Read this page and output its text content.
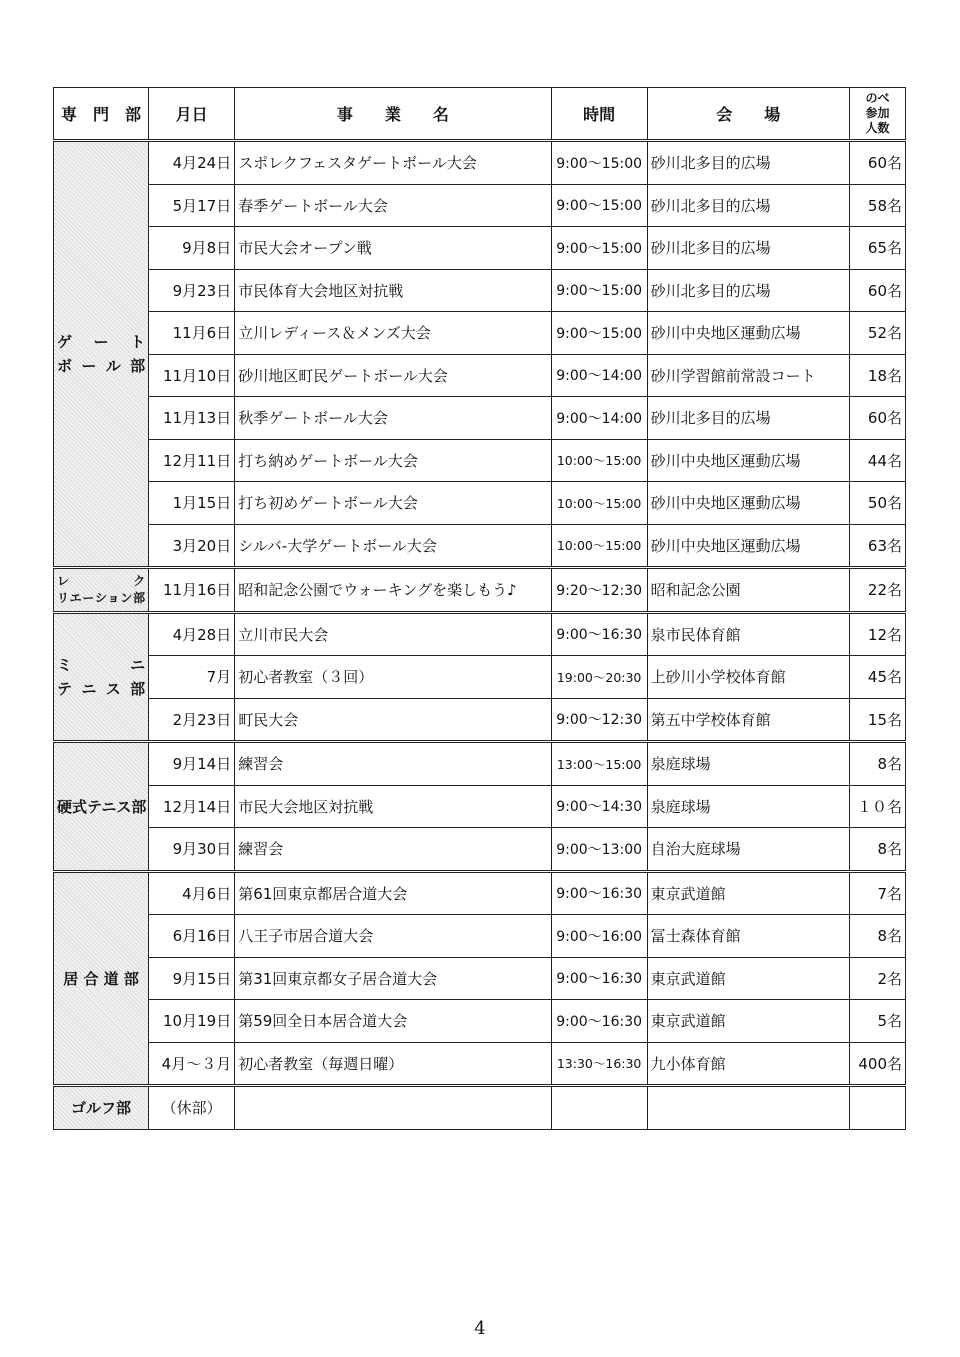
専　門　部	月日	事　　業　　名	時間	会　　場	のべ
参加
人数

ゲ　ー　ト
ボ ー ル 部	4月24日	スポレクフェスタゲートボール大会	9:00～15:00	砂川北多目的広場	60名
	5月17日	春季ゲートボール大会	9:00～15:00	砂川北多目的広場	58名
	9月8日	市民大会オープン戦	9:00～15:00	砂川北多目的広場	65名
	9月23日	市民体育大会地区対抗戦	9:00～15:00	砂川北多目的広場	60名
	11月6日	立川レディース＆メンズ大会	9:00～15:00	砂川中央地区運動広場	52名
	11月10日	砂川地区町民ゲートボール大会	9:00～14:00	砂川学習館前常設コート	18名
	11月13日	秋季ゲートボール大会	9:00～14:00	砂川北多目的広場	60名
	12月11日	打ち納めゲートボール大会	10:00～15:00	砂川中央地区運動広場	44名
	1月15日	打ち初めゲートボール大会	10:00～15:00	砂川中央地区運動広場	50名
	3月20日	シルバ-大学ゲートボール大会	10:00～15:00	砂川中央地区運動広場	63名

レ　　　ク
リエーション部	11月16日	昭和記念公園でウォーキングを楽しもう♪	9:20～12:30	昭和記念公園	22名

ミ　　　ニ
テ ニ ス 部	4月28日	立川市民大会	9:00～16:30	泉市民体育館	12名
	7月	初心者教室（３回）	19:00～20:30	上砂川小学校体育館	45名
	2月23日	町民大会	9:00～12:30	第五中学校体育館	15名

硬式テニス部	9月14日	練習会	13:00～15:00	泉庭球場	8名
	12月14日	市民大会地区対抗戦	9:00～14:30	泉庭球場	１０名
	9月30日	練習会	9:00～13:00	自治大庭球場	8名

居 合 道 部	4月6日	第61回東京都居合道大会	9:00～16:30	東京武道館	7名
	6月16日	八王子市居合道大会	9:00～16:00	冨士森体育館	8名
	9月15日	第31回東京都女子居合道大会	9:00～16:30	東京武道館	2名
	10月19日	第59回全日本居合道大会	9:00～16:30	東京武道館	5名
	4月～３月	初心者教室（毎週日曜）	13:30～16:30	九小体育館	400名

ゴルフ部	（休部）				
4
